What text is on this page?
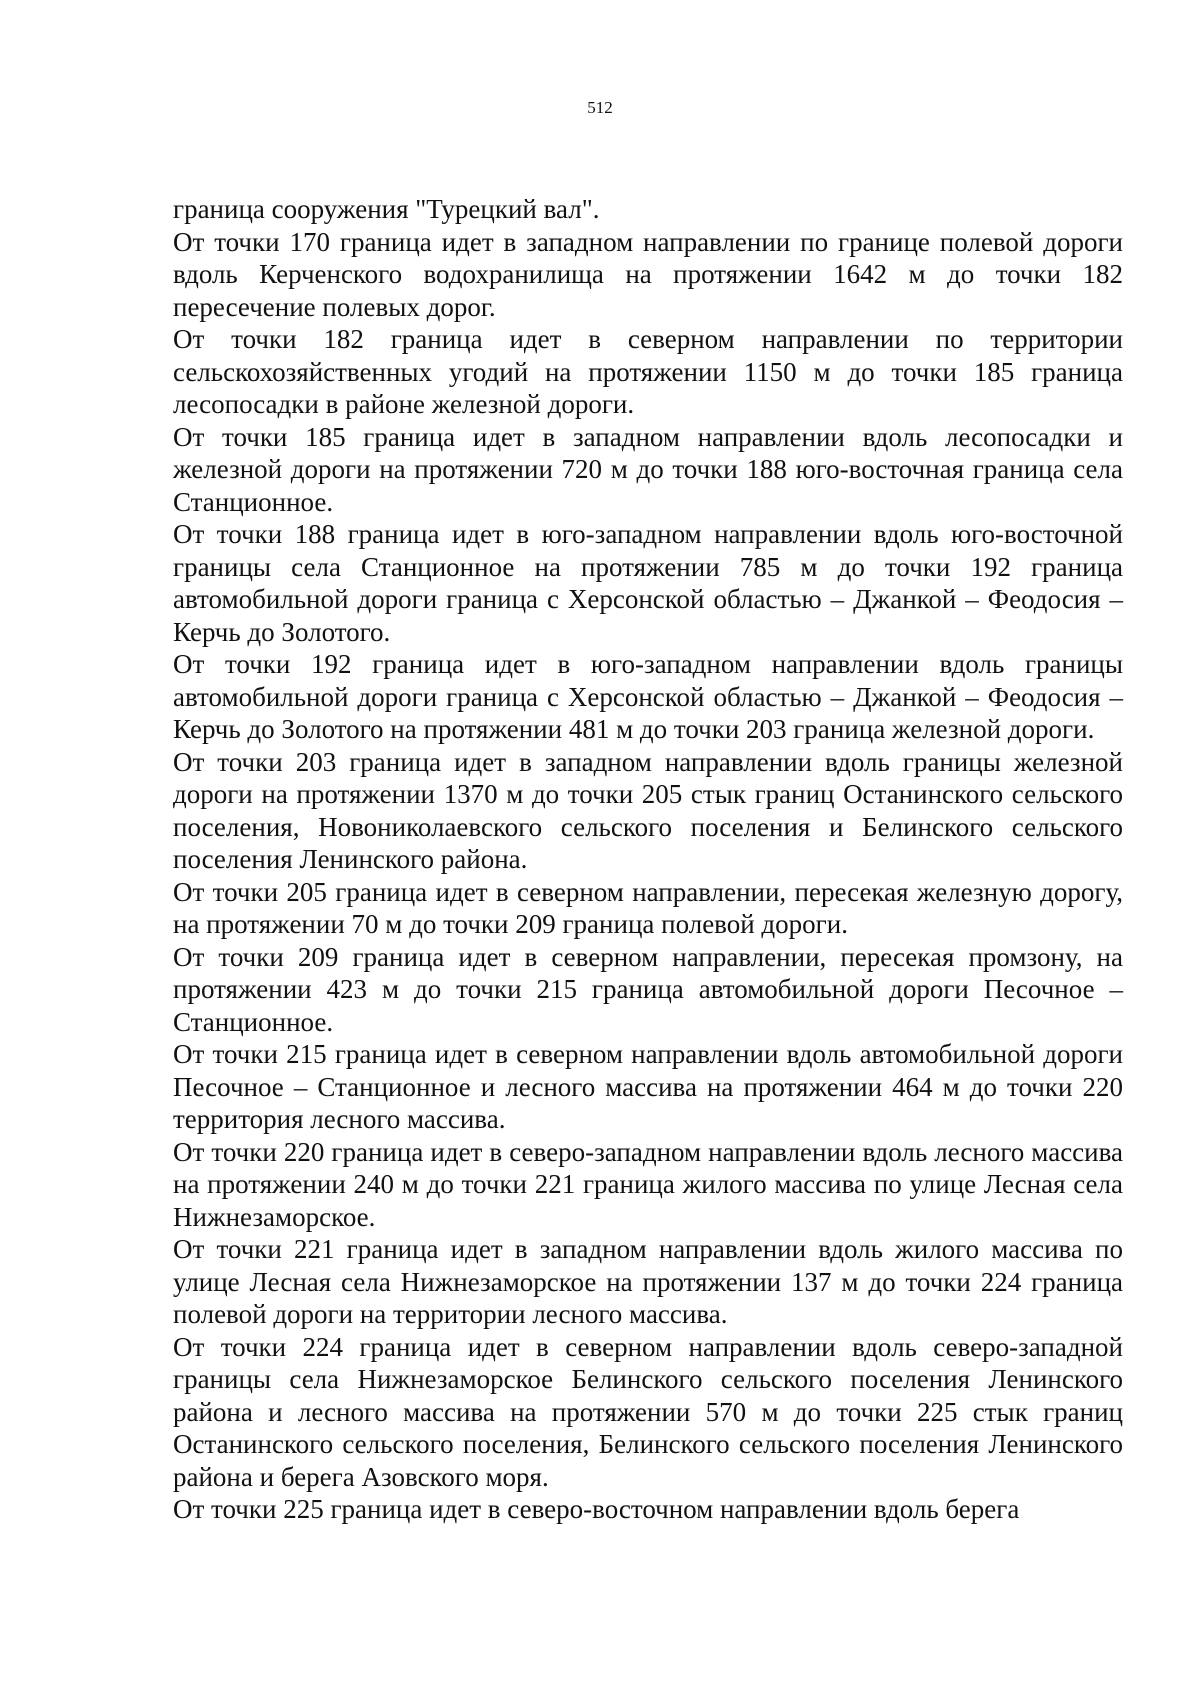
512

граница сооружения "Турецкий вал".

От точки 170 граница идет в западном направлении по границе полевой дороги вдоль Керченского водохранилища на протяжении 1642 м до точки 182 пересечение полевых дорог.

От точки 182 граница идет в северном направлении по территории сельскохозяйственных угодий на протяжении 1150 м до точки 185 граница лесопосадки в районе железной дороги.

От точки 185 граница идет в западном направлении вдоль лесопосадки и железной дороги на протяжении 720 м до точки 188 юго-восточная граница села Станционное.

От точки 188 граница идет в юго-западном направлении вдоль юго-восточной границы села Станционное на протяжении 785 м до точки 192 граница автомобильной дороги граница с Херсонской областью – Джанкой – Феодосия – Керчь до Золотого.

От точки 192 граница идет в юго-западном направлении вдоль границы автомобильной дороги граница с Херсонской областью – Джанкой – Феодосия – Керчь до Золотого на протяжении 481 м до точки 203 граница железной дороги.

От точки 203 граница идет в западном направлении вдоль границы железной дороги на протяжении 1370 м до точки 205 стык границ Останинского сельского поселения, Новониколаевского сельского поселения и Белинского сельского поселения Ленинского района.

От точки 205 граница идет в северном направлении, пересекая железную дорогу, на протяжении 70 м до точки 209 граница полевой дороги.

От точки 209 граница идет в северном направлении, пересекая промзону, на протяжении 423 м до точки 215 граница автомобильной дороги Песочное – Станционное.

От точки 215 граница идет в северном направлении вдоль автомобильной дороги Песочное – Станционное и лесного массива на протяжении 464 м до точки 220 территория лесного массива.

От точки 220 граница идет в северо-западном направлении вдоль лесного массива на протяжении 240 м до точки 221 граница жилого массива по улице Лесная села Нижнезаморское.

От точки 221 граница идет в западном направлении вдоль жилого массива по улице Лесная села Нижнезаморское на протяжении 137 м до точки 224 граница полевой дороги на территории лесного массива.

От точки 224 граница идет в северном направлении вдоль северо-западной границы села Нижнезаморское Белинского сельского поселения Ленинского района и лесного массива на протяжении 570 м до точки 225 стык границ Останинского сельского поселения, Белинского сельского поселения Ленинского района и берега Азовского моря.

От точки 225 граница идет в северо-восточном направлении вдоль берега
